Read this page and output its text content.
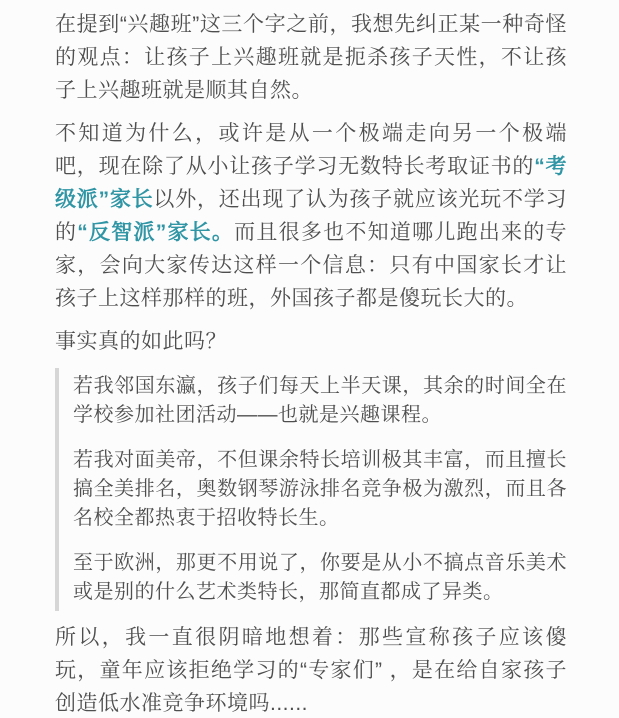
在提到“兴趣班”这三个字之前，我想先纠正某一种奇怪的观点：让孩子上兴趣班就是扼杀孩子天性，不让孩子上兴趣班就是顺其自然。

不知道为什么，或许是从一个极端走向另一个极端吧，现在除了从小让孩子学习无数特长考取证书的“考级派”家长以外，还出现了认为孩子就应该光玩不学习的“反智派”家长。而且很多也不知道哪儿跑出来的专家，会向大家传达这样一个信息：只有中国家长才让孩子上这样那样的班，外国孩子都是傻玩长大的。

事实真的如此吗？

若我邻国东瀛，孩子们每天上半天课，其余的时间全在学校参加社团活动——也就是兴趣课程。

若我对面美帝，不但课余特长培训极其丰富，而且擅长搞全美排名，奥数钢琴游泳排名竞争极为激烈，而且各名校全都热衷于招收特长生。

至于欧洲，那更不用说了，你要是从小不搞点音乐美术或是别的什么艺术类特长，那简直都成了异类。

所以，我一直很阴暗地想着：那些宣称孩子应该傻玩，童年应该拒绝学习的“专家们” ，是在给自家孩子创造低水准竞争环境吗......
